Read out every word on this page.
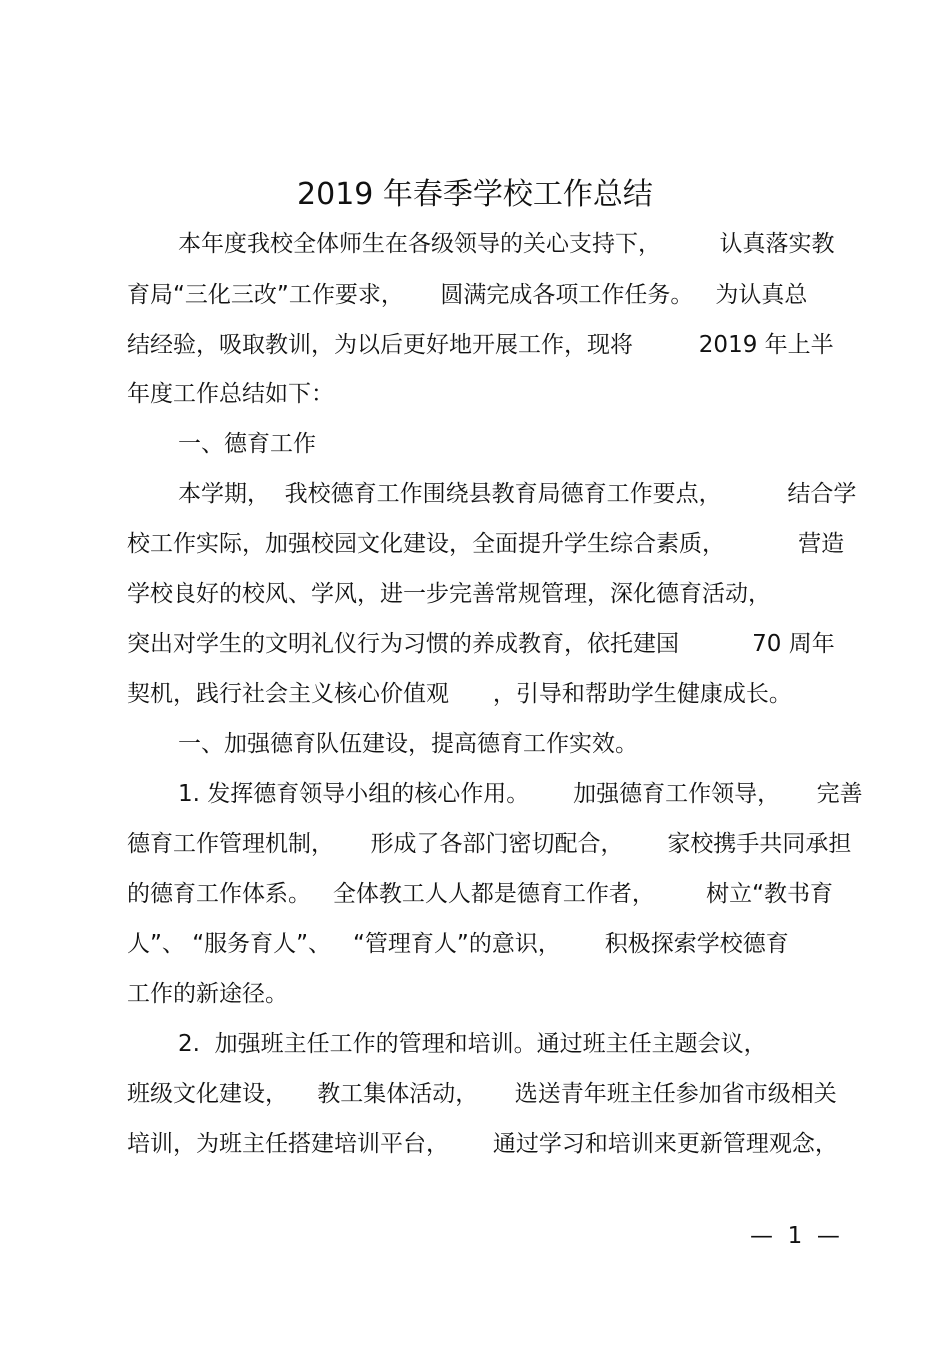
2019 年春季学校工作总结
本年度我校全体师生在各级领导的关心支持下，        认真落实教
育局“三化三改”工作要求，     圆满完成各项工作任务。   为认真总
结经验，吸取教训，为以后更好地开展工作，现将         2019 年上半
年度工作总结如下：
一、德育工作
本学期，  我校德育工作围绕县教育局德育工作要点，         结合学
校工作实际，加强校园文化建设，全面提升学生综合素质，          营造
学校良好的校风、学风，进一步完善常规管理，深化德育活动，
突出对学生的文明礼仪行为习惯的养成教育，依托建国          70 周年
契机，践行社会主义核心价值观      ，引导和帮助学生健康成长。
一、加强德育队伍建设，提高德育工作实效。
1. 发挥德育领导小组的核心作用。      加强德育工作领导，     完善
德育工作管理机制，     形成了各部门密切配合，      家校携手共同承担
的德育工作体系。   全体教工人人都是德育工作者，       树立“教书育
人”、 “服务育人”、   “管理育人”的意识，      积极探索学校德育
工作的新途径。
2.  加强班主任工作的管理和培训。通过班主任主题会议，
班级文化建设，    教工集体活动，     选送青年班主任参加省市级相关
培训，为班主任搭建培训平台，      通过学习和培训来更新管理观念，
—  1  —
